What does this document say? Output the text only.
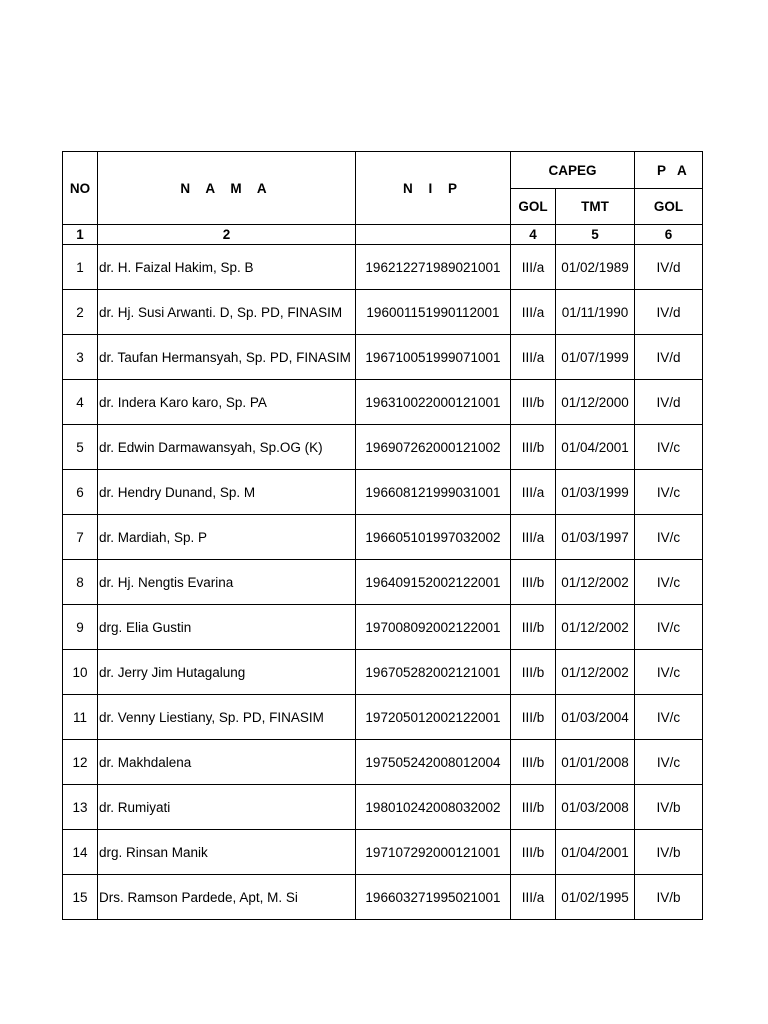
NO	N A M A	N I P	CAPEG		P A
			GOL	TMT	GOL
1	2		4	5	6
1	dr. H. Faizal Hakim, Sp. B	196212271989021001	III/a	01/02/1989	IV/d
2	dr. Hj. Susi Arwanti. D, Sp. PD, FINASIM	196001151990112001	III/a	01/11/1990	IV/d
3	dr. Taufan Hermansyah, Sp. PD, FINASIM	196710051999071001	III/a	01/07/1999	IV/d
4	dr. Indera Karo karo, Sp. PA	196310022000121001	III/b	01/12/2000	IV/d
5	dr. Edwin Darmawansyah, Sp.OG (K)	196907262000121002	III/b	01/04/2001	IV/c
6	dr. Hendry Dunand, Sp. M	196608121999031001	III/a	01/03/1999	IV/c
7	dr. Mardiah, Sp. P	196605101997032002	III/a	01/03/1997	IV/c
8	dr. Hj. Nengtis Evarina	196409152002122001	III/b	01/12/2002	IV/c
9	drg. Elia Gustin	197008092002122001	III/b	01/12/2002	IV/c
10	dr. Jerry Jim Hutagalung	196705282002121001	III/b	01/12/2002	IV/c
11	dr. Venny Liestiany, Sp. PD, FINASIM	197205012002122001	III/b	01/03/2004	IV/c
12	dr. Makhdalena	197505242008012004	III/b	01/01/2008	IV/c
13	dr. Rumiyati	198010242008032002	III/b	01/03/2008	IV/b
14	drg. Rinsan Manik	197107292000121001	III/b	01/04/2001	IV/b
15	Drs. Ramson Pardede, Apt, M. Si	196603271995021001	III/a	01/02/1995	IV/b
